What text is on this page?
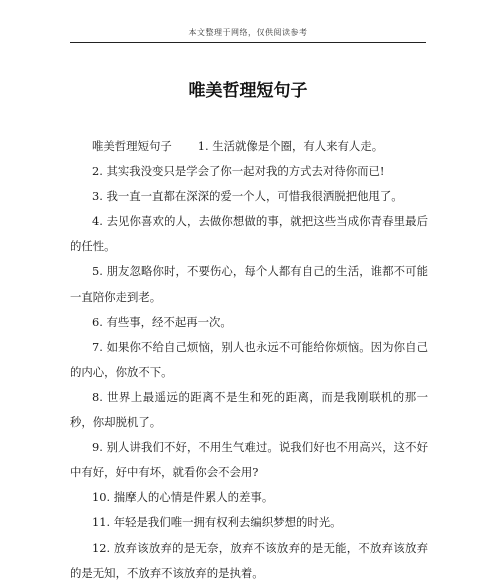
本文整理于网络，仅供阅读参考
唯美哲理短句子

唯美哲理短句子 1. 生活就像是个圈，有人来有人走。

2. 其实我没变只是学会了你一起对我的方式去对待你而已!

3. 我一直一直都在深深的爱一个人，可惜我很洒脱把他甩了。

4. 去见你喜欢的人，去做你想做的事，就把这些当成你青春里最后的任性。

5. 朋友忽略你时，不要伤心，每个人都有自己的生活，谁都不可能一直陪你走到老。

6. 有些事，经不起再一次。

7. 如果你不给自己烦恼，别人也永远不可能给你烦恼。因为你自己的内心，你放不下。

8. 世界上最遥远的距离不是生和死的距离，而是我刚联机的那一秒，你却脱机了。

9. 别人讲我们不好，不用生气难过。说我们好也不用高兴，这不好中有好，好中有坏，就看你会不会用?

10. 揣摩人的心情是件累人的差事。

11. 年轻是我们唯一拥有权利去编织梦想的时光。

12. 放弃该放弃的是无奈，放弃不该放弃的是无能，不放弃该放弃的是无知，不放弃不该放弃的是执着。
